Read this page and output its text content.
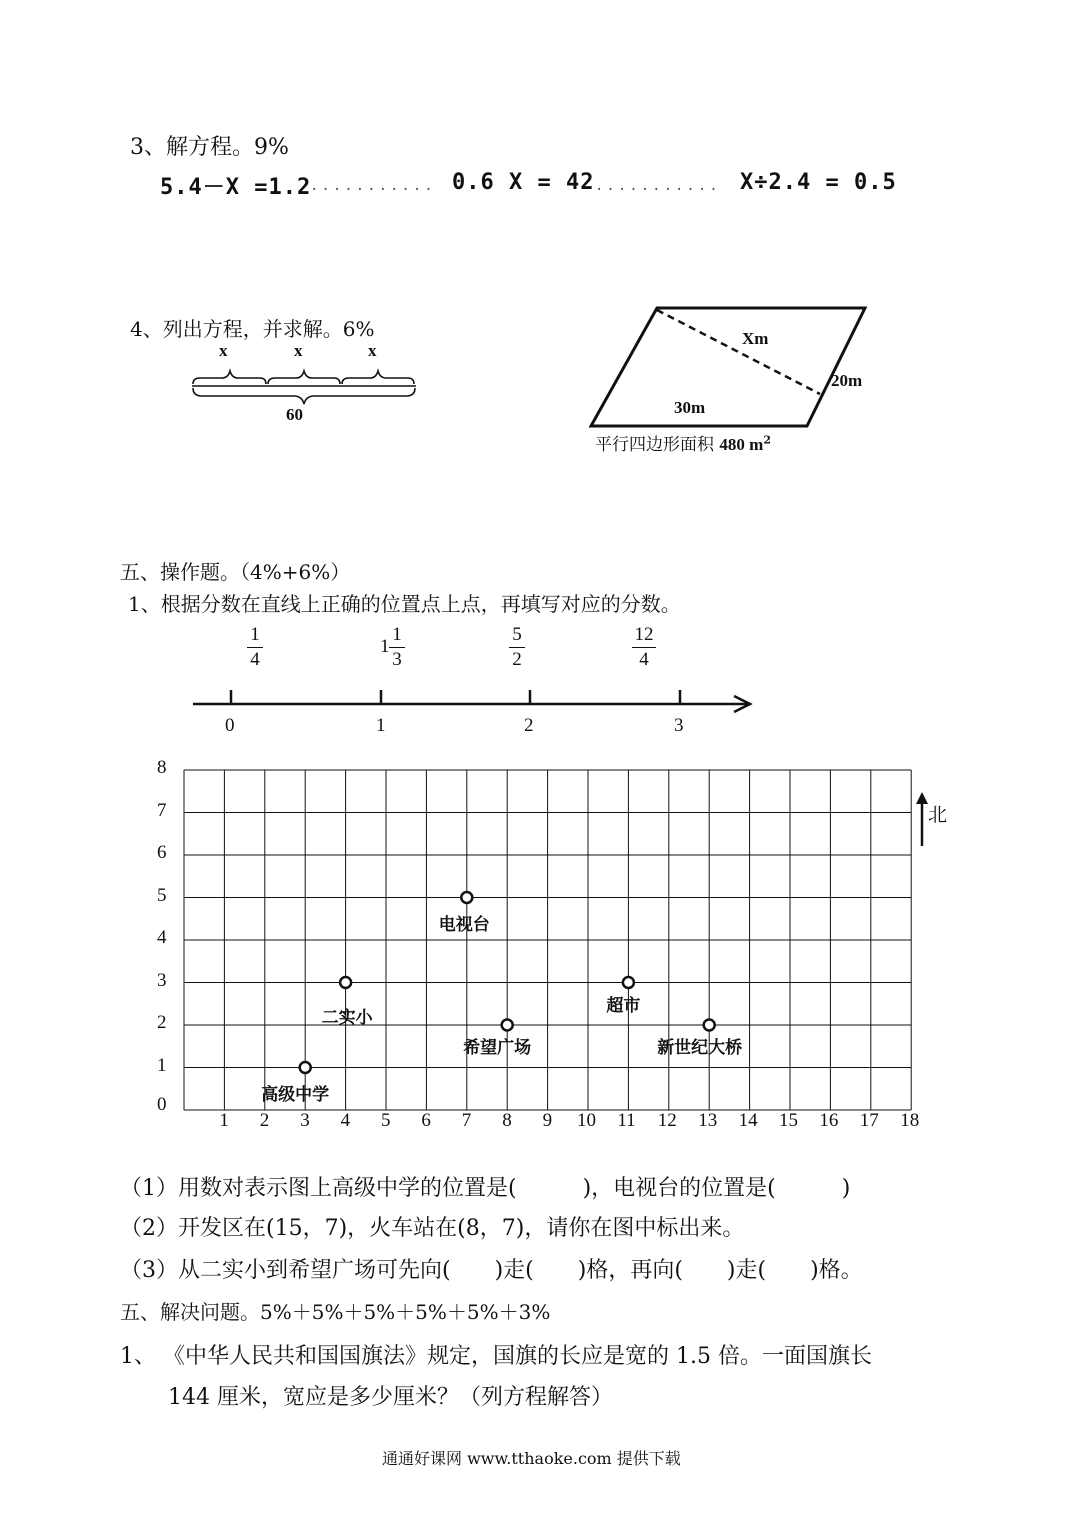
3、解方程。9%
5.4－X =1.2
........... 0.6 X = 42 ........... X÷2.4 = 0.5
4、列出方程，并求解。6%
x	x	x
60
Xm
20m
30m
平行四边形面积 480 $m^2$
五、操作题。（4%+6%）
1、根据分数在直线上正确的位置点上点，再填写对应的分数。
1
4
1
1
3
5
2
12
4
0	1	2	3
8
7
6
5
4
3
2
1
0
1 2 3 4 5 6 7 8 9 10 11 12 13 14 15 16 17 18
电视台
二实小
超市
希望广场	新世纪大桥
高级中学
北
（1）用数对表示图上高级中学的位置是(　　　)，电视台的位置是(　　　)
（2）开发区在(15，7)，火车站在(8，7)，请你在图中标出来。
（3）从二实小到希望广场可先向(　　)走(　　)格，再向(　　)走(　　)格。
五、解决问题。5%＋5%＋5%＋5%＋5%＋3%
1、 《中华人民共和国国旗法》规定，国旗的长应是宽的 1.5 倍。一面国旗长
144 厘米，宽应是多少厘米？（列方程解答）
通通好课网 www.tthaoke.com 提供下载
